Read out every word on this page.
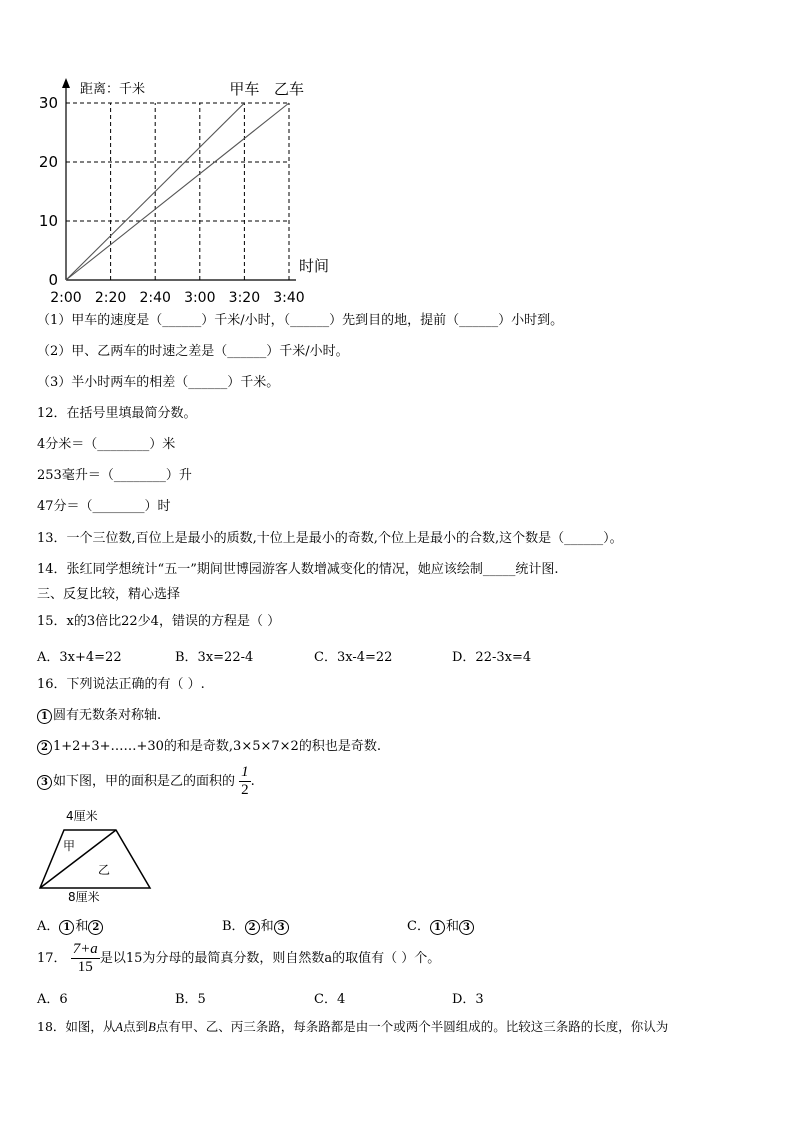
距离：千米
时间
2:00 2:20 2:40 3:00 3:20 3:40
0
10
20
30
甲车 乙车
（1）甲车的速度是（______）千米/小时，（______）先到目的地，提前（______）小时到。
（2）甲、乙两车的时速之差是（______）千米/小时。
（3）半小时两车的相差（______）千米。
12．在括号里填最简分数。
4分米＝（________）米
253毫升＝（________）升
47分＝（________）时
13．一个三位数,百位上是最小的质数,十位上是最小的奇数,个位上是最小的合数,这个数是（______）。
14．张红同学想统计“五一”期间世博园游客人数增减变化的情况，她应该绘制_____统计图.
三、反复比较，精心选择
15．x的3倍比22少4，错误的方程是（ ）
A．3x+4=22	B．3x=22-4	C．3x-4=22	D．22-3x=4
16．下列说法正确的有（ ）.
1 圆有无数条对称轴.
2 1+2+3+……+30的和是奇数,3×5×7×2的积也是奇数.
3 如下图，甲的面积是乙的面积的 $\frac{1}{2}$ .
4厘米
甲
乙
8厘米
A． 1 和 2	B． 2 和 3	C． 1 和 3
17． $\frac{7+a}{15}$ 是以15为分母的最简真分数，则自然数a的取值有（ ）个。
A．6	B．5	C．4	D．3
18．如图，从A点到B点有甲、乙、丙三条路，每条路都是由一个或两个半圆组成的。比较这三条路的长度，你认为
